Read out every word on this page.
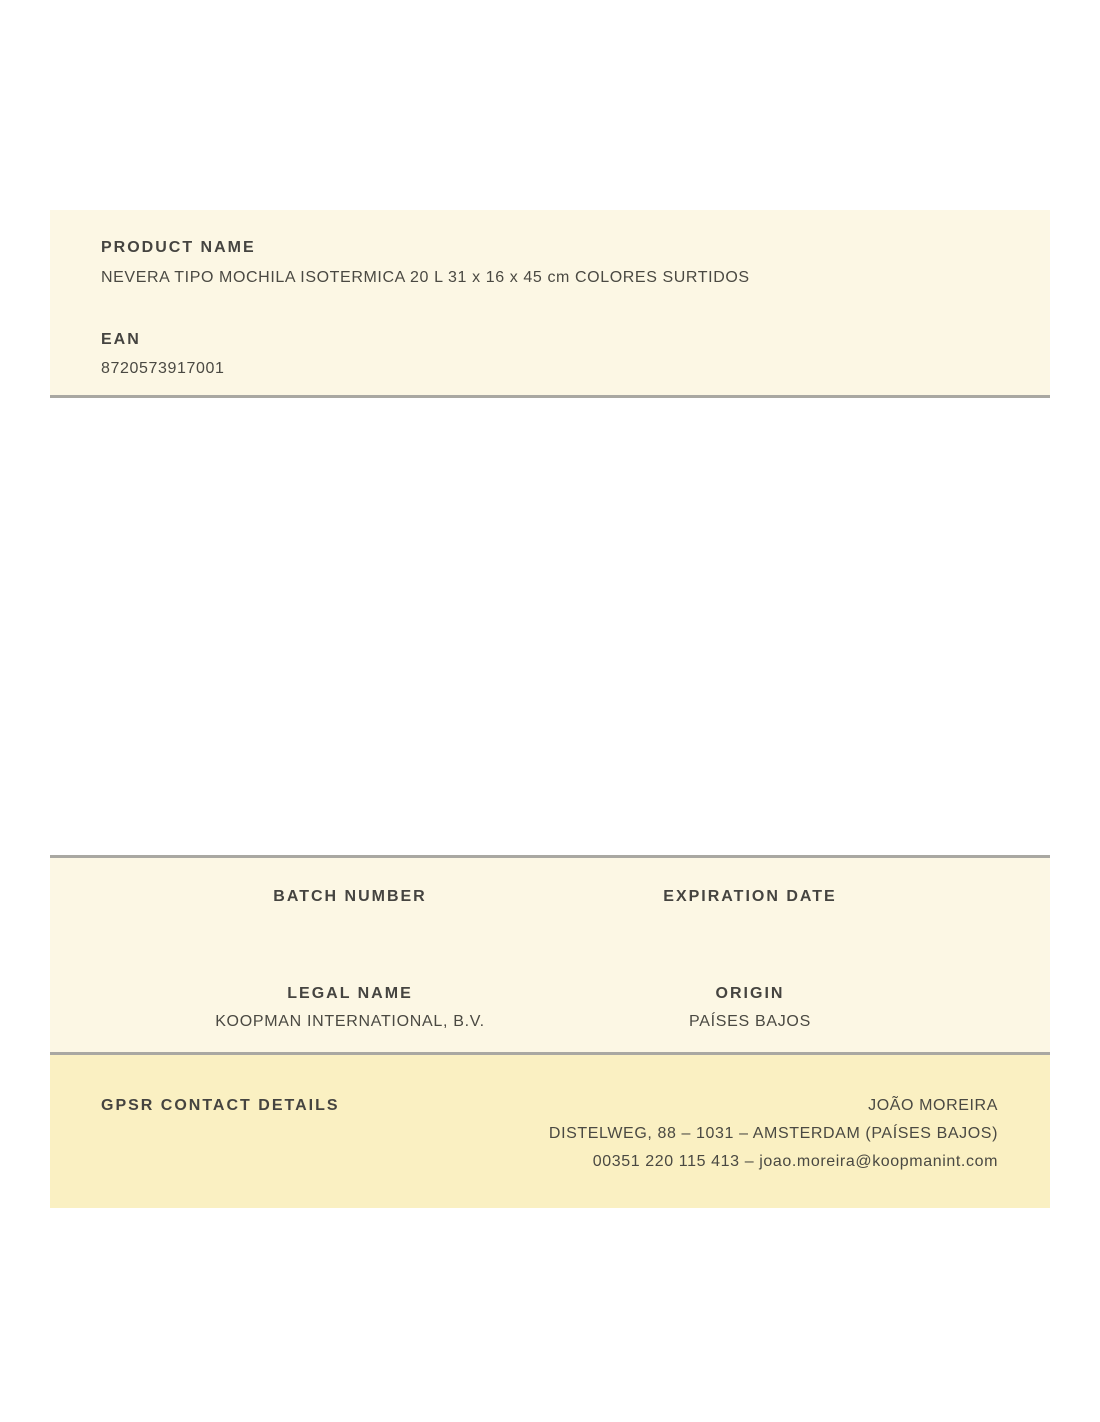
PRODUCT NAME
NEVERA TIPO MOCHILA ISOTERMICA 20 L 31 x 16 x 45 cm COLORES SURTIDOS
EAN
8720573917001
BATCH NUMBER	EXPIRATION DATE
LEGAL NAME
KOOPMAN INTERNATIONAL, B.V.
ORIGIN
PAÍSES BAJOS
GPSR CONTACT DETAILS	JOÃO MOREIRA
DISTELWEG, 88 – 1031 – AMSTERDAM (PAÍSES BAJOS)
00351 220 115 413 – joao.moreira@koopmanint.com
